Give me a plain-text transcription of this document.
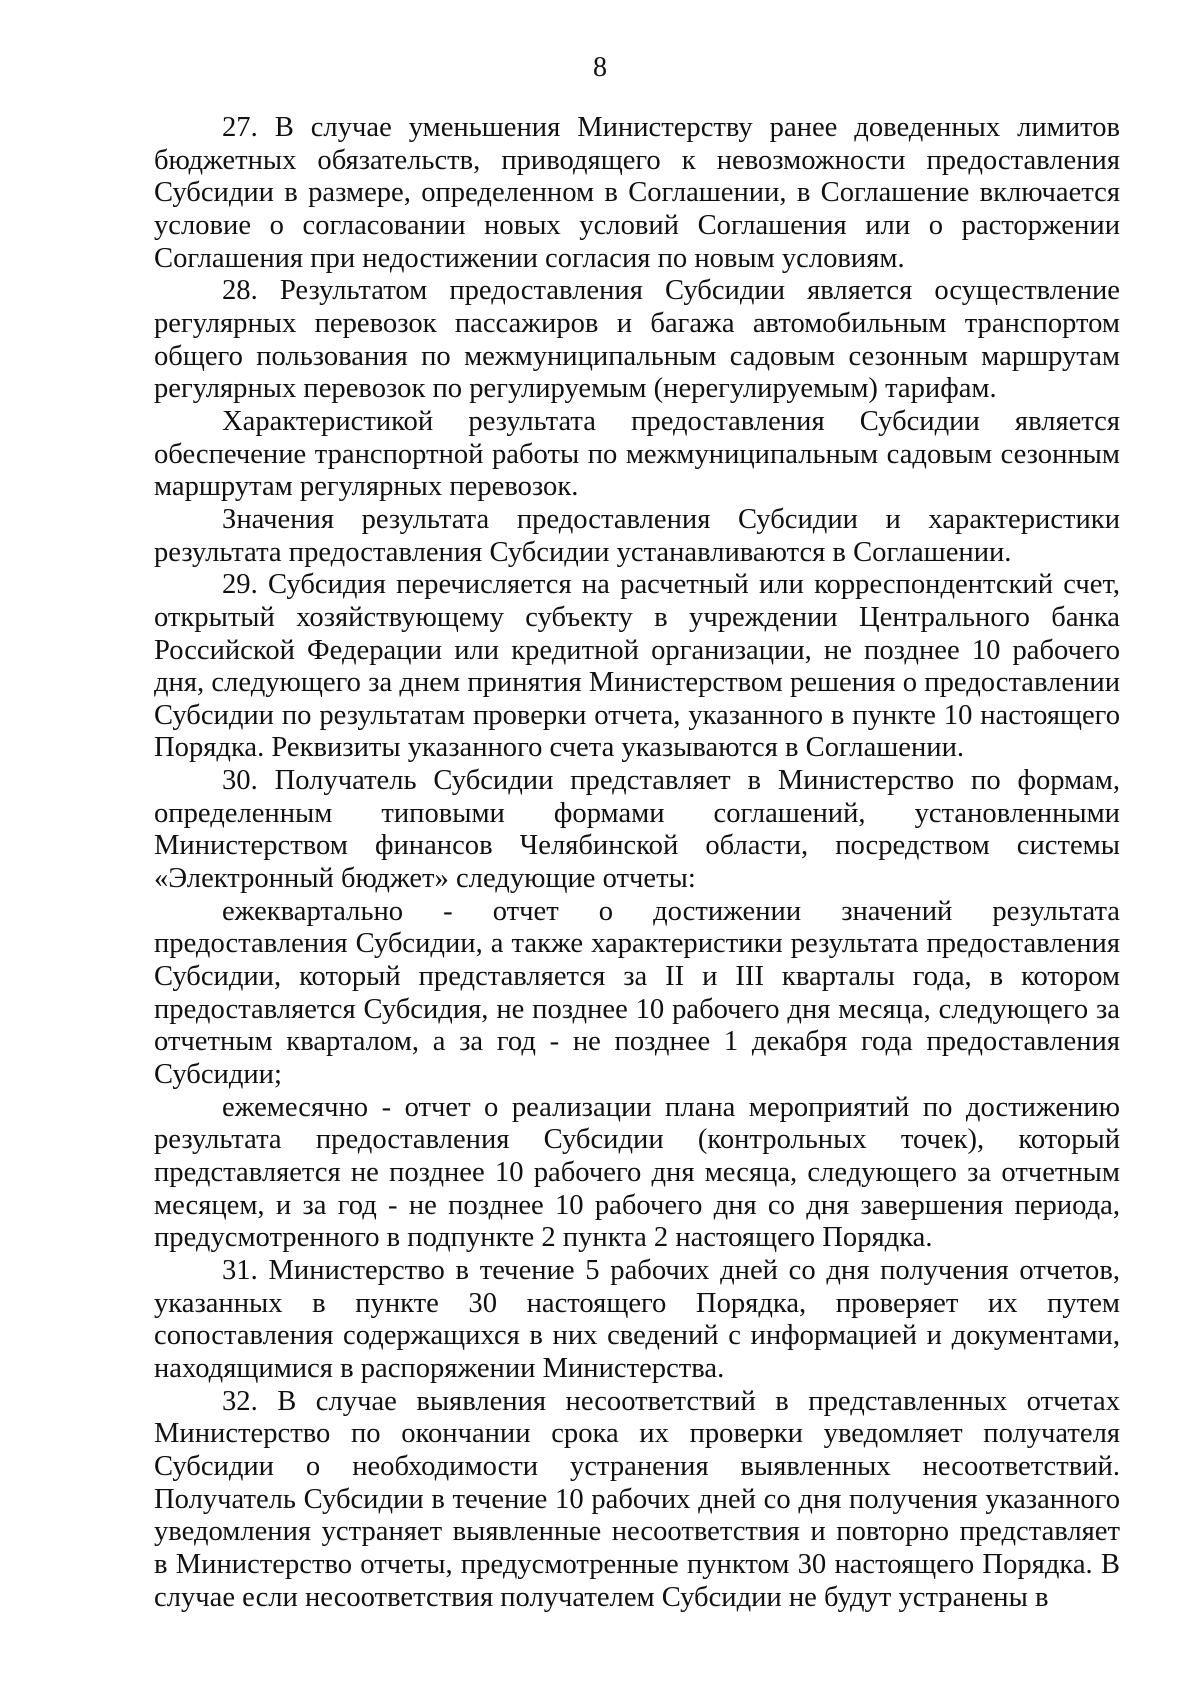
8

27. В случае уменьшения Министерству ранее доведенных лимитов бюджетных обязательств, приводящего к невозможности предоставления Субсидии в размере, определенном в Соглашении, в Соглашение включается условие о согласовании новых условий Соглашения или о расторжении Соглашения при недостижении согласия по новым условиям.

28. Результатом предоставления Субсидии является осуществление регулярных перевозок пассажиров и багажа автомобильным транспортом общего пользования по межмуниципальным садовым сезонным маршрутам регулярных перевозок по регулируемым (нерегулируемым) тарифам.

Характеристикой результата предоставления Субсидии является обеспечение транспортной работы по межмуниципальным садовым сезонным маршрутам регулярных перевозок.

Значения результата предоставления Субсидии и характеристики результата предоставления Субсидии устанавливаются в Соглашении.

29. Субсидия перечисляется на расчетный или корреспондентский счет, открытый хозяйствующему субъекту в учреждении Центрального банка Российской Федерации или кредитной организации, не позднее 10 рабочего дня, следующего за днем принятия Министерством решения о предоставлении Субсидии по результатам проверки отчета, указанного в пункте 10 настоящего Порядка. Реквизиты указанного счета указываются в Соглашении.

30. Получатель Субсидии представляет в Министерство по формам, определенным типовыми формами соглашений, установленными Министерством финансов Челябинской области, посредством системы «Электронный бюджет» следующие отчеты:

ежеквартально - отчет о достижении значений результата предоставления Субсидии, а также характеристики результата предоставления Субсидии, который представляется за II и III кварталы года, в котором предоставляется Субсидия, не позднее 10 рабочего дня месяца, следующего за отчетным кварталом, а за год - не позднее 1 декабря года предоставления Субсидии;

ежемесячно - отчет о реализации плана мероприятий по достижению результата предоставления Субсидии (контрольных точек), который представляется не позднее 10 рабочего дня месяца, следующего за отчетным месяцем, и за год - не позднее 10 рабочего дня со дня завершения периода, предусмотренного в подпункте 2 пункта 2 настоящего Порядка.

31. Министерство в течение 5 рабочих дней со дня получения отчетов, указанных в пункте 30 настоящего Порядка, проверяет их путем сопоставления содержащихся в них сведений с информацией и документами, находящимися в распоряжении Министерства.

32. В случае выявления несоответствий в представленных отчетах Министерство по окончании срока их проверки уведомляет получателя Субсидии о необходимости устранения выявленных несоответствий. Получатель Субсидии в течение 10 рабочих дней со дня получения указанного уведомления устраняет выявленные несоответствия и повторно представляет в Министерство отчеты, предусмотренные пунктом 30 настоящего Порядка. В случае если несоответствия получателем Субсидии не будут устранены в
